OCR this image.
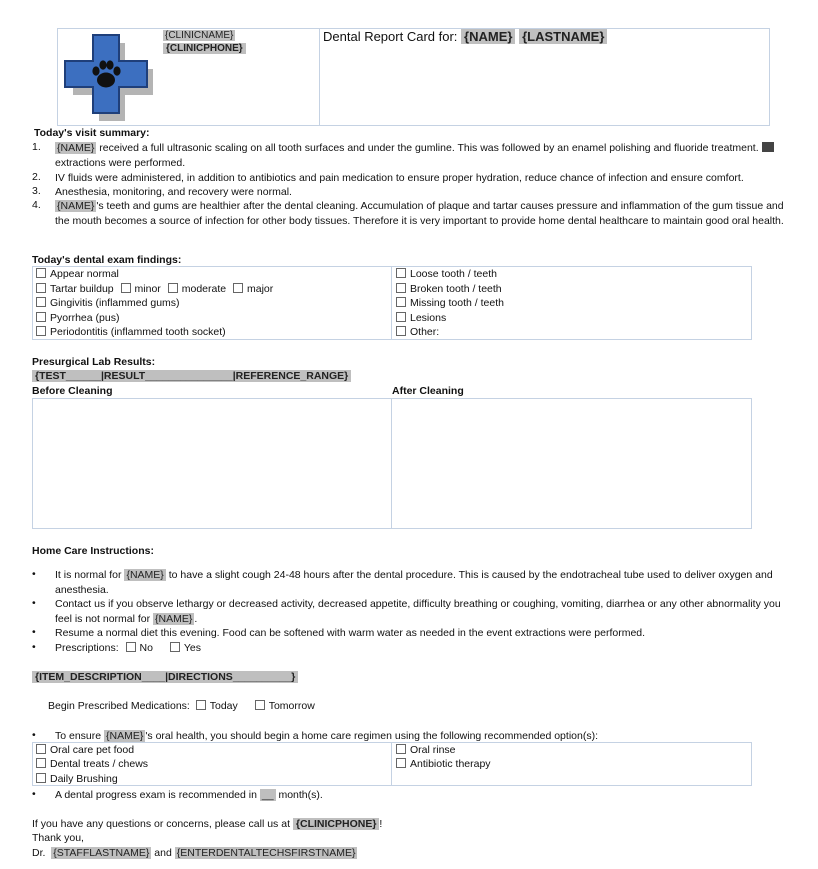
{CLINICNAME}
{CLINICPHONE}
Dental Report Card for: {NAME} {LASTNAME}
Today's visit summary:
1. {NAME} received a full ultrasonic scaling on all tooth surfaces and under the gumline. This was followed by an enamel polishing and fluoride treatment.  extractions were performed.
2. IV fluids were administered, in addition to antibiotics and pain medication to ensure proper hydration, reduce chance of infection and ensure comfort.
3. Anesthesia, monitoring, and recovery were normal.
4. {NAME} 's teeth and gums are healthier after the dental cleaning. Accumulation of plaque and tartar causes pressure and inflammation of the gum tissue and the mouth becomes a source of infection for other body tissues. Therefore it is very important to provide home dental healthcare to maintain good oral health.
Today's dental exam findings:
Appear normal
Tartar buildup minor moderate major
Gingivitis (inflammed gums)
Pyorrhea (pus)
Periodontitis (inflammed tooth socket)
Loose tooth / teeth
Broken tooth / teeth
Missing tooth / teeth
Lesions
Other:
Presurgical Lab Results:
{TEST______|RESULT_______________|REFERENCE_RANGE}
Before Cleaning	After Cleaning
Home Care Instructions:
• It is normal for {NAME} to have a slight cough 24-48 hours after the dental procedure. This is caused by the endotracheal tube used to deliver oxygen and anesthesia.
• Contact us if you observe lethargy or decreased activity, decreased appetite, difficulty breathing or coughing, vomiting, diarrhea or any other abnormality you feel is not normal for {NAME} .
• Resume a normal diet this evening. Food can be softened with warm water as needed in the event extractions were performed.
• Prescriptions: No	Yes
{ITEM_DESCRIPTION____|DIRECTIONS__________}
Begin Prescribed Medications: Today	Tomorrow
• To ensure {NAME} 's oral health, you should begin a home care regimen using the following recommended option(s):
Oral care pet food
Dental treats / chews
Daily Brushing
Oral rinse
Antibiotic therapy
• A dental progress exam is recommended in __ month(s).
If you have any questions or concerns, please call us at {CLINICPHONE} !
Thank you,
Dr. {STAFFLASTNAME} and {ENTERDENTALTECHSFIRSTNAME}
